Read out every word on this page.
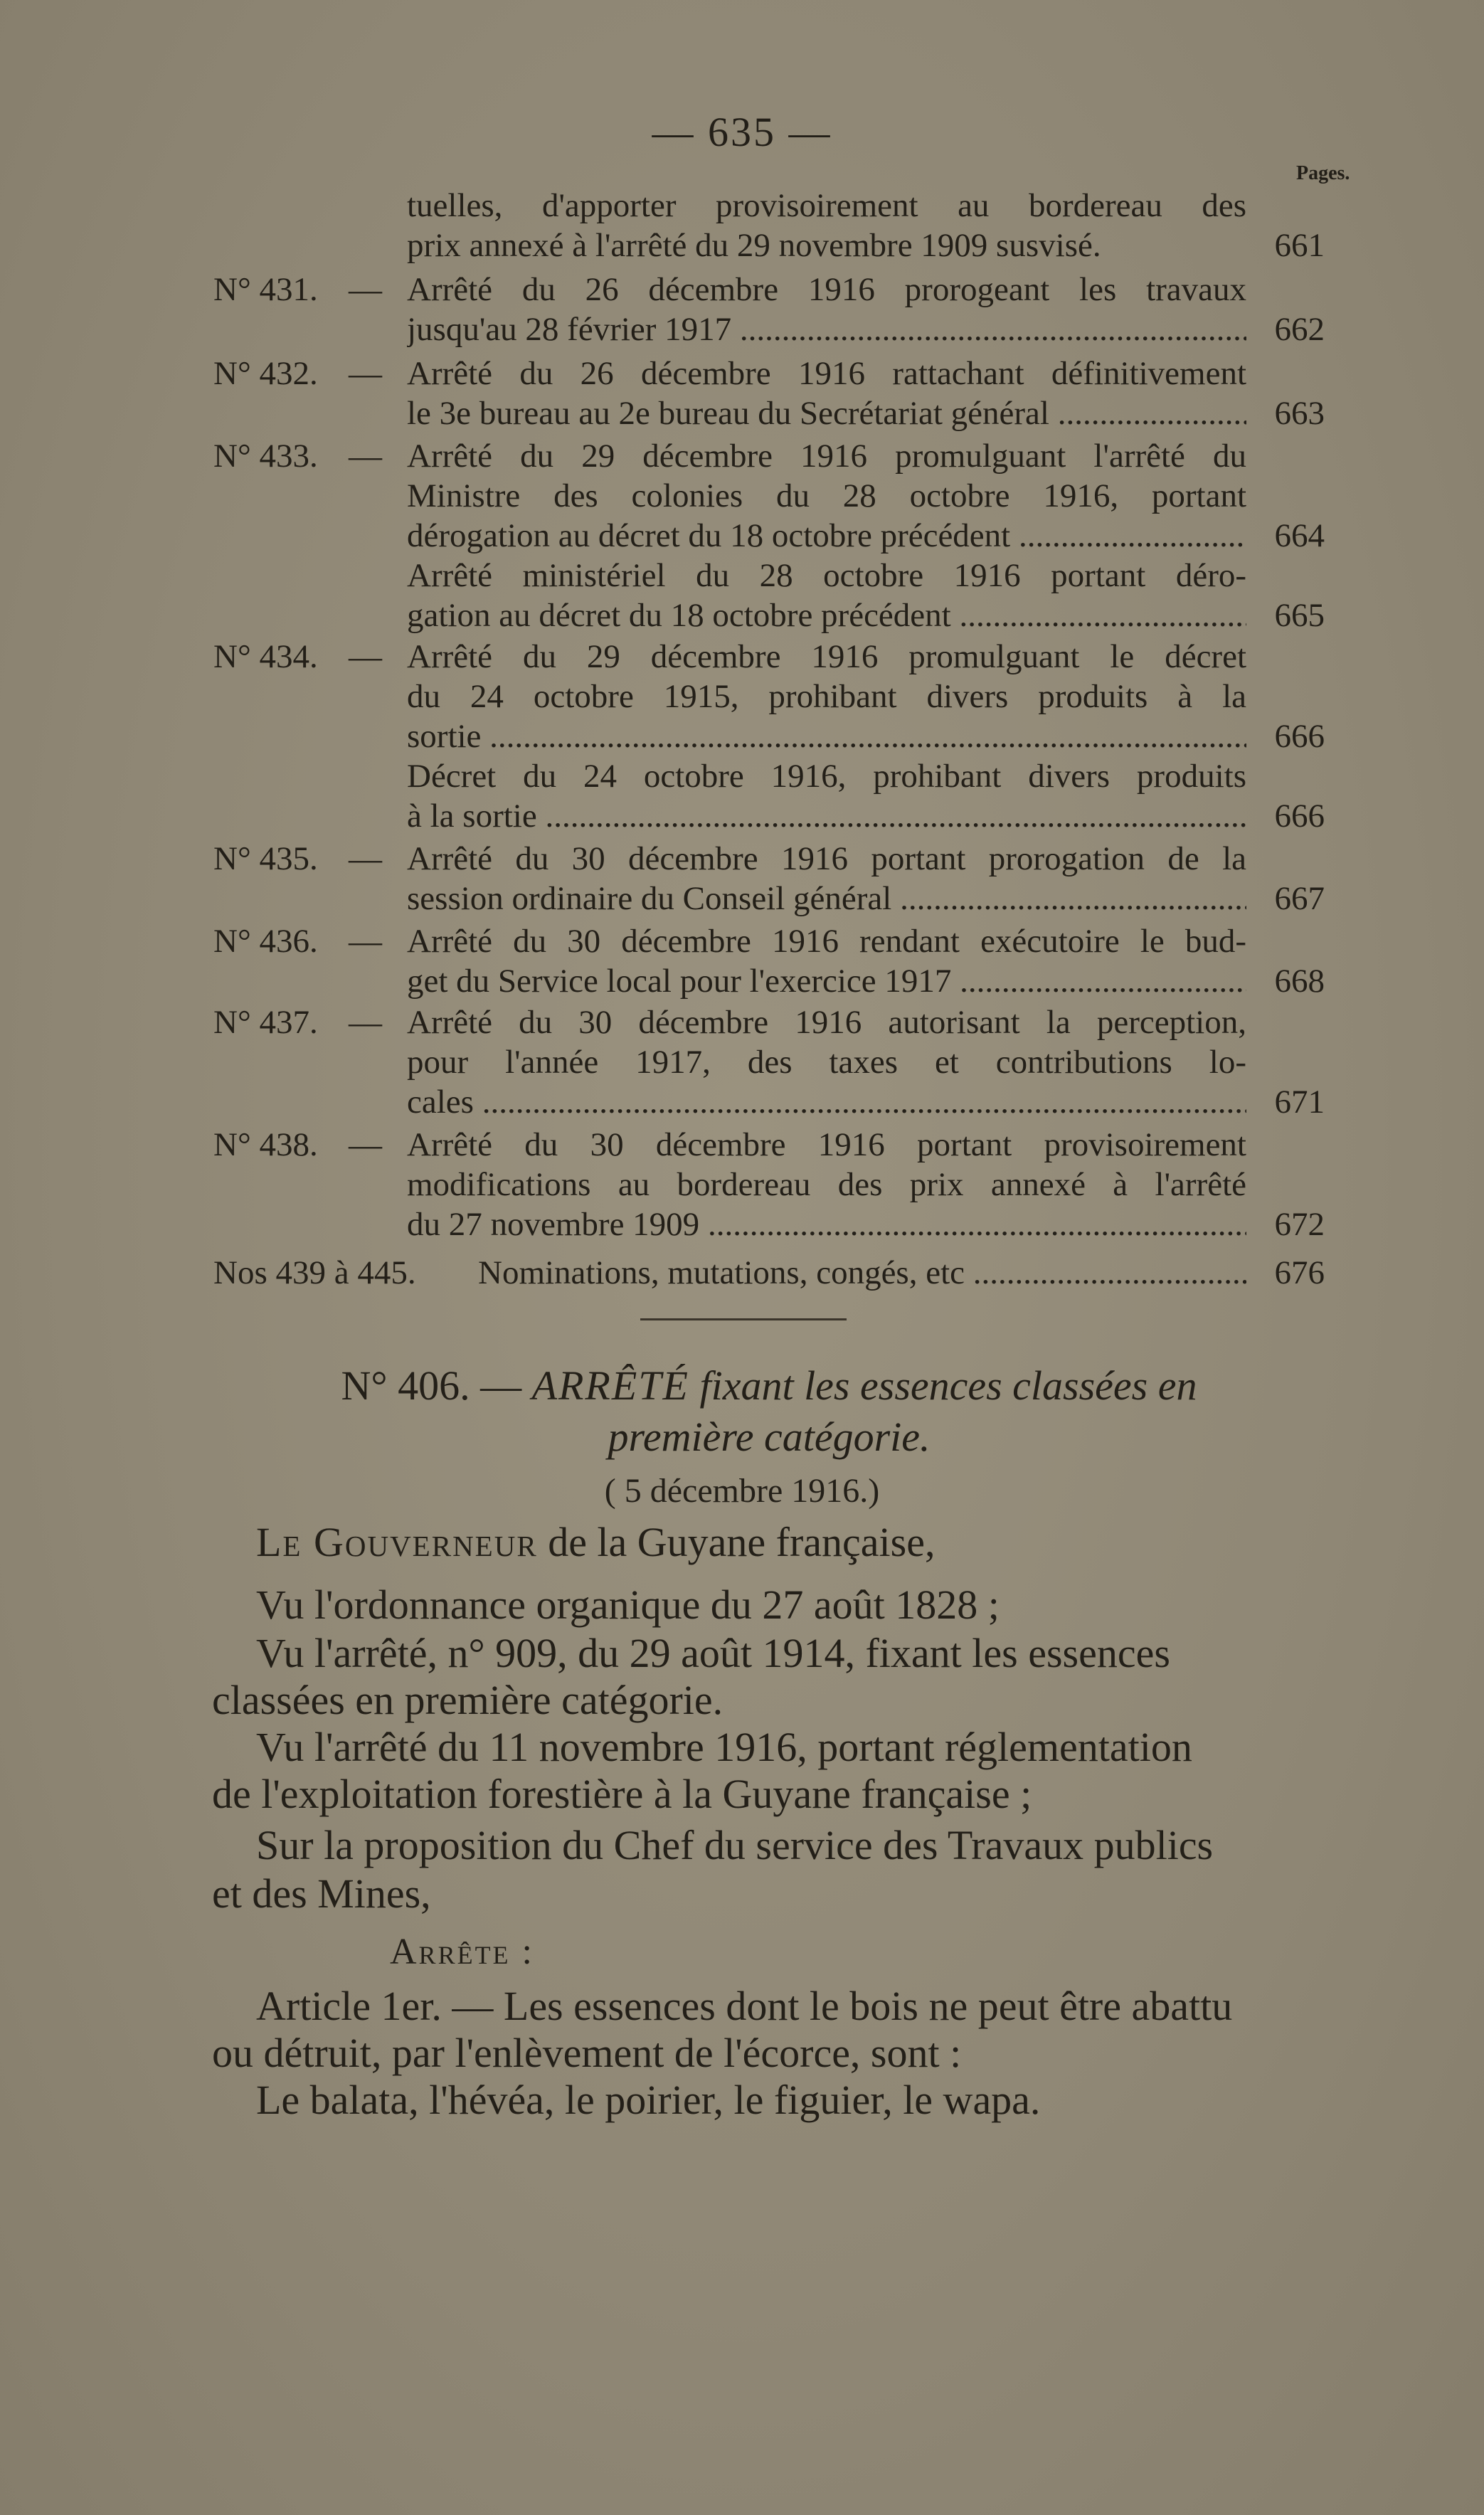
— 635 —
Pages.
tuelles, d'apporter provisoirement au bordereau des
prix annexé à l'arrêté du 29 novembre 1909 susvisé.	661
N° 431. — Arrêté du 26 décembre 1916 prorogeant les travaux
jusqu'au 28 février 1917 .....	662
N° 432. — Arrêté du 26 décembre 1916 rattachant définitivement
le 3e bureau au 2e bureau du Secrétariat général .....	663
N° 433. — Arrêté du 29 décembre 1916 promulguant l'arrêté du
Ministre des colonies du 28 octobre 1916, portant
dérogation au décret du 18 octobre précédent .....	664
Arrêté ministériel du 28 octobre 1916 portant déro-
gation au décret du 18 octobre précédent .....	665
N° 434. — Arrêté du 29 décembre 1916 promulguant le décret
du 24 octobre 1915, prohibant divers produits à la
sortie .....	666
Décret du 24 octobre 1916, prohibant divers produits
à la sortie .....	666
N° 435. — Arrêté du 30 décembre 1916 portant prorogation de la
session ordinaire du Conseil général .....	667
N° 436. — Arrêté du 30 décembre 1916 rendant exécutoire le bud-
get du Service local pour l'exercice 1917 .....	668
N° 437. — Arrêté du 30 décembre 1916 autorisant la perception,
pour l'année 1917, des taxes et contributions lo-
cales .....	671
N° 438. — Arrêté du 30 décembre 1916 portant provisoirement
modifications au bordereau des prix annexé à l'arrêté
du 27 novembre 1909 .....	672
Nos 439 à 445. Nominations, mutations, congés, etc .....	676
N° 406. — ARRÊTÉ fixant les essences classées en
première catégorie.
( 5 décembre 1916.)
Le Gouverneur de la Guyane française,
Vu l'ordonnance organique du 27 août 1828 ;
Vu l'arrêté, n° 909, du 29 août 1914, fixant les essences
classées en première catégorie.
Vu l'arrêté du 11 novembre 1916, portant réglementation
de l'exploitation forestière à la Guyane française ;
Sur la proposition du Chef du service des Travaux publics
et des Mines,
Arrête :
Article 1er. — Les essences dont le bois ne peut être abattu
ou détruit, par l'enlèvement de l'écorce, sont :
Le balata, l'hévéa, le poirier, le figuier, le wapa.
